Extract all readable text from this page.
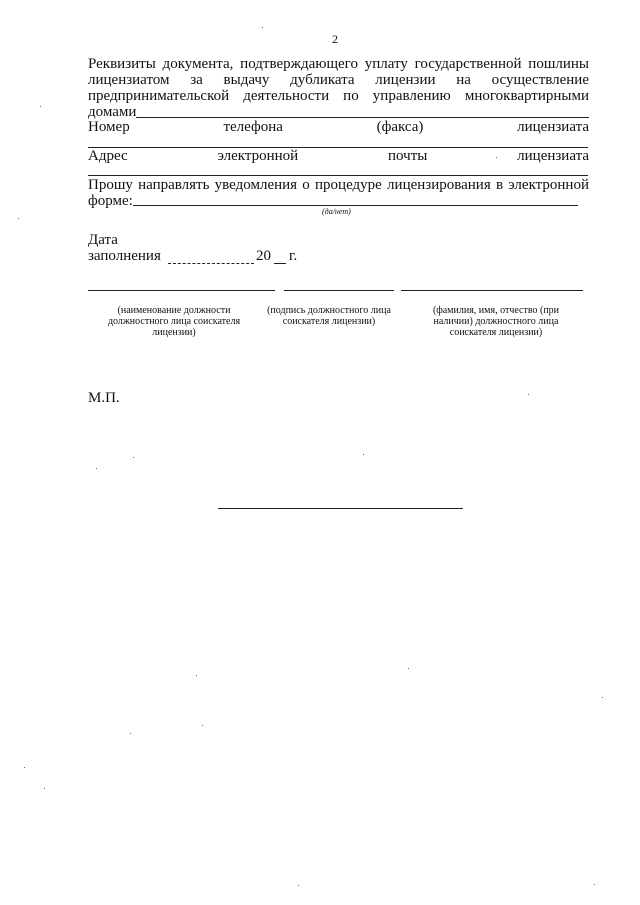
2
Реквизиты документа, подтверждающего уплату государственной пошлины
лицензиатом за выдачу дубликата лицензии на осуществление
предпринимательской деятельности по управлению многоквартирными
домами
Номер	телефона	(факса)	лицензиата
Адрес	электронной	почты	лицензиата
Прошу направлять уведомления о процедуре лицензирования в электронной
форме:
(да/нет)
Дата
заполнения	20 г.
(наименование должности должностного лица соискателя лицензии)
(подпись должностного лица соискателя лицензии)
(фамилия, имя, отчество (при наличии) должностного лица соискателя лицензии)
М.П.
